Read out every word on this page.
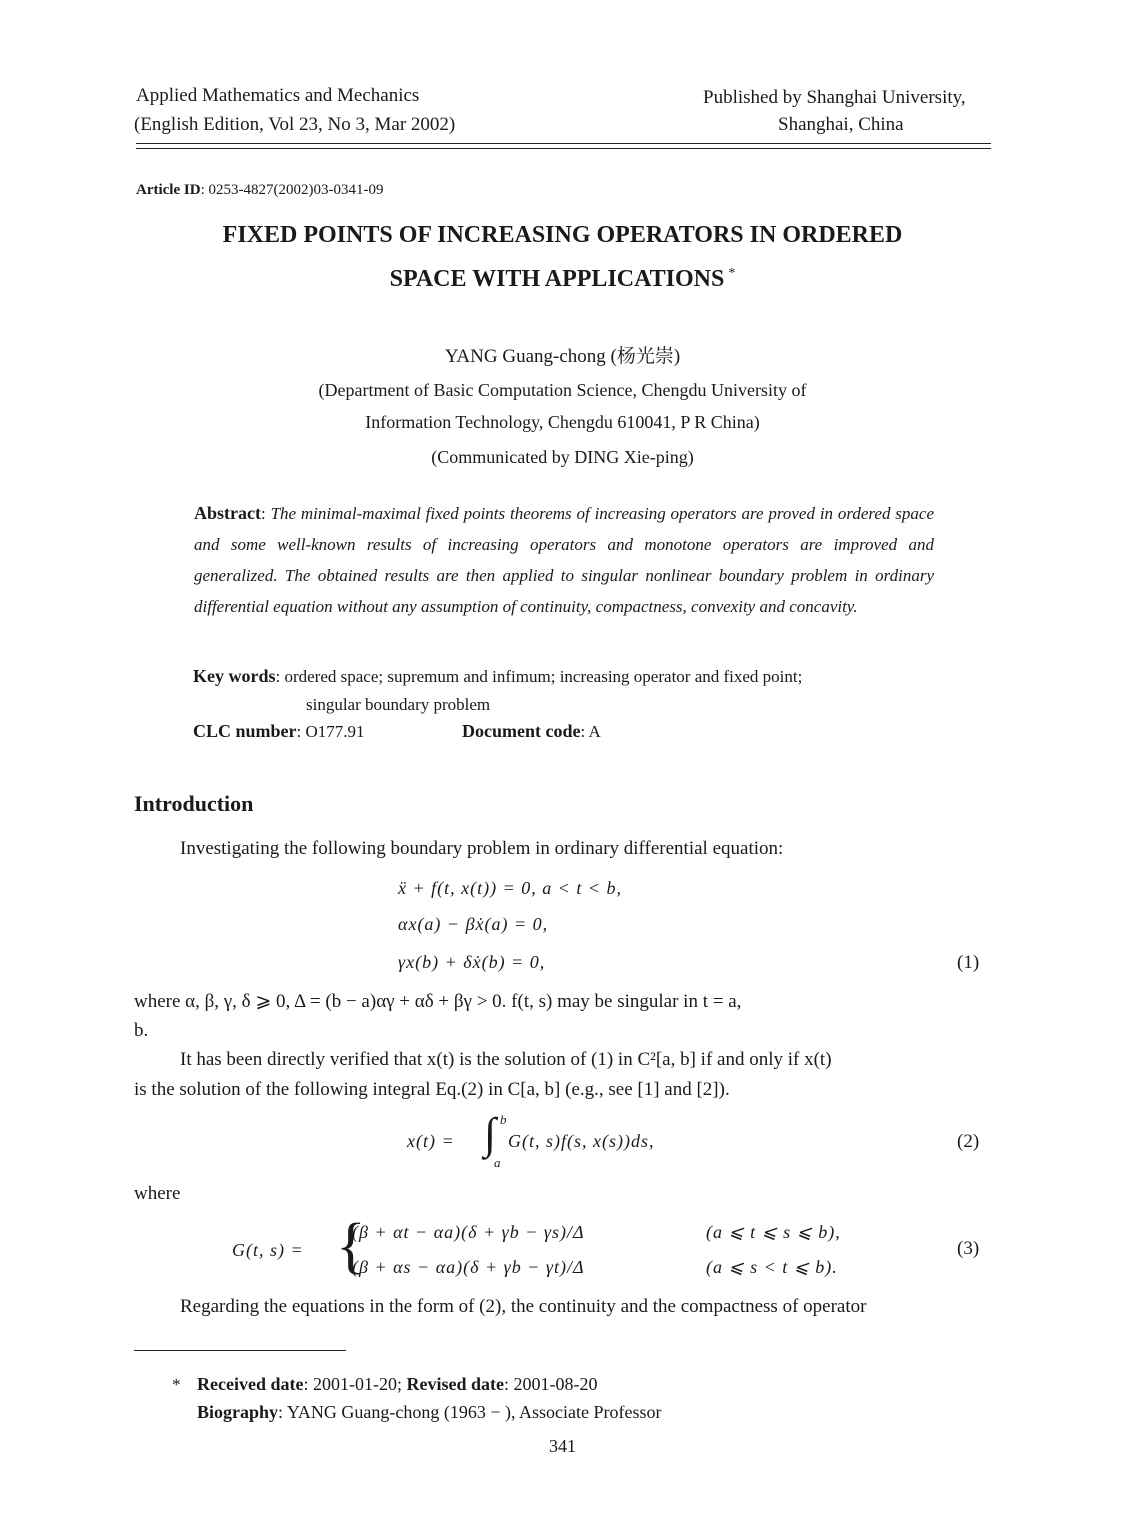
Applied Mathematics and Mechanics
(English Edition, Vol 23, No 3, Mar 2002)
Published by Shanghai University,
Shanghai, China
Article ID: 0253-4827(2002)03-0341-09
FIXED POINTS OF INCREASING OPERATORS IN ORDERED
SPACE WITH APPLICATIONS *
YANG Guang-chong (杨光崇)
(Department of Basic Computation Science, Chengdu University of
Information Technology, Chengdu 610041, P R China)
(Communicated by DING Xie-ping)
Abstract: The minimal-maximal fixed points theorems of increasing operators are proved in ordered space and some well-known results of increasing operators and monotone operators are improved and generalized. The obtained results are then applied to singular nonlinear boundary problem in ordinary differential equation without any assumption of continuity, compactness, convexity and concavity.
Key words: ordered space; supremum and infimum; increasing operator and fixed point;
singular boundary problem
CLC number: O177.91	Document code: A
Introduction
Investigating the following boundary problem in ordinary differential equation:
ẍ + f(t, x(t)) = 0, a < t < b,
αx(a) − βẋ(a) = 0,
γx(b) + δẋ(b) = 0,	(1)
where α, β, γ, δ ⩾ 0, Δ = (b − a)αγ + αδ + βγ > 0. f(t, s) may be singular in t = a,
b.
It has been directly verified that x(t) is the solution of (1) in C²[a, b] if and only if x(t)
is the solution of the following integral Eq.(2) in C[a, b] (e.g., see [1] and [2]).
x(t) = ∫ b
a
G(t, s)f(s, x(s))ds,	(2)
where
G(t, s) = {
(β + αt − αa)(δ + γb − γs)/Δ	(a ⩽ t ⩽ s ⩽ b),
(β + αs − αa)(δ + γb − γt)/Δ	(a ⩽ s < t ⩽ b).
(3)
Regarding the equations in the form of (2), the continuity and the compactness of operator
* Received date: 2001-01-20; Revised date: 2001-08-20
Biography: YANG Guang-chong (1963 − ), Associate Professor
341
